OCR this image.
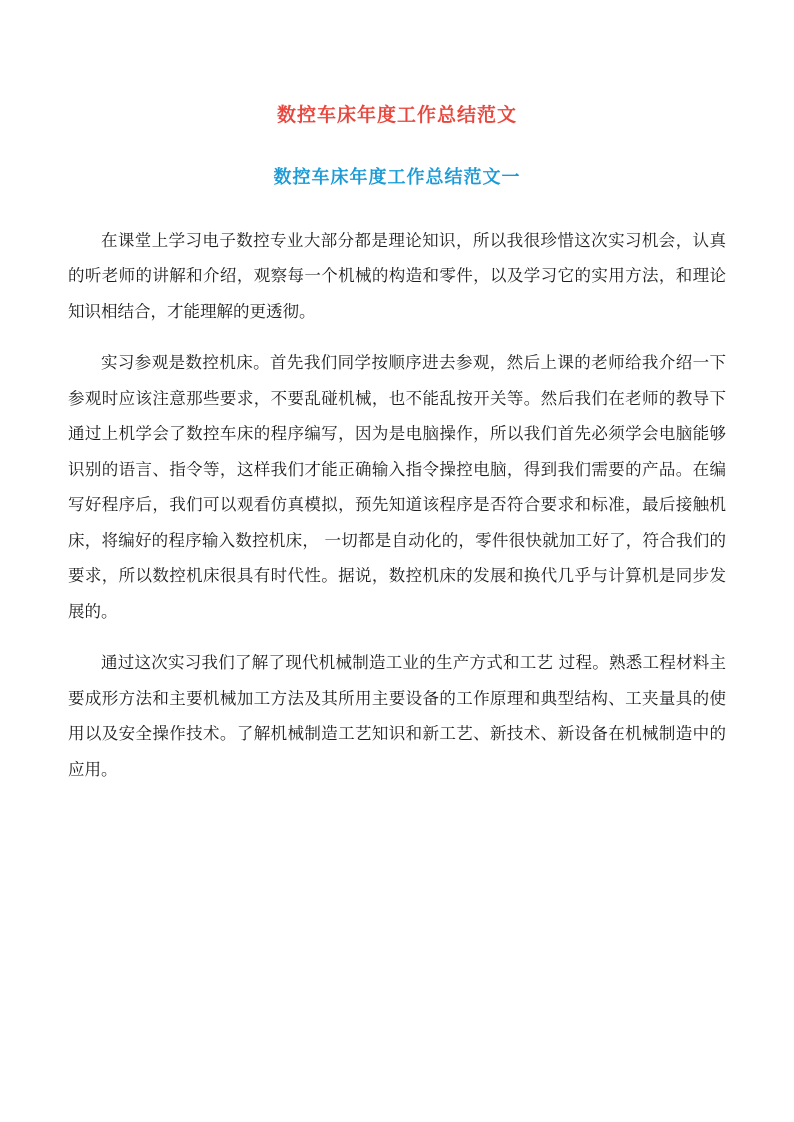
数控车床年度工作总结范文
数控车床年度工作总结范文一

在课堂上学习电子数控专业大部分都是理论知识，所以我很珍惜这次实习机会，认真的听老师的讲解和介绍，观察每一个机械的构造和零件，以及学习它的实用方法，和理论知识相结合，才能理解的更透彻。

实习参观是数控机床。首先我们同学按顺序进去参观，然后上课的老师给我介绍一下参观时应该注意那些要求，不要乱碰机械，也不能乱按开关等。然后我们在老师的教导下通过上机学会了数控车床的程序编写，因为是电脑操作，所以我们首先必须学会电脑能够识别的语言、指令等，这样我们才能正确输入指令操控电脑，得到我们需要的产品。在编写好程序后，我们可以观看仿真模拟，预先知道该程序是否符合要求和标准，最后接触机床，将编好的程序输入数控机床， 一切都是自动化的，零件很快就加工好了，符合我们的要求，所以数控机床很具有时代性。据说，数控机床的发展和换代几乎与计算机是同步发展的。

通过这次实习我们了解了现代机械制造工业的生产方式和工艺 过程。熟悉工程材料主要成形方法和主要机械加工方法及其所用主要设备的工作原理和典型结构、工夹量具的使用以及安全操作技术。了解机械制造工艺知识和新工艺、新技术、新设备在机械制造中的应用。
